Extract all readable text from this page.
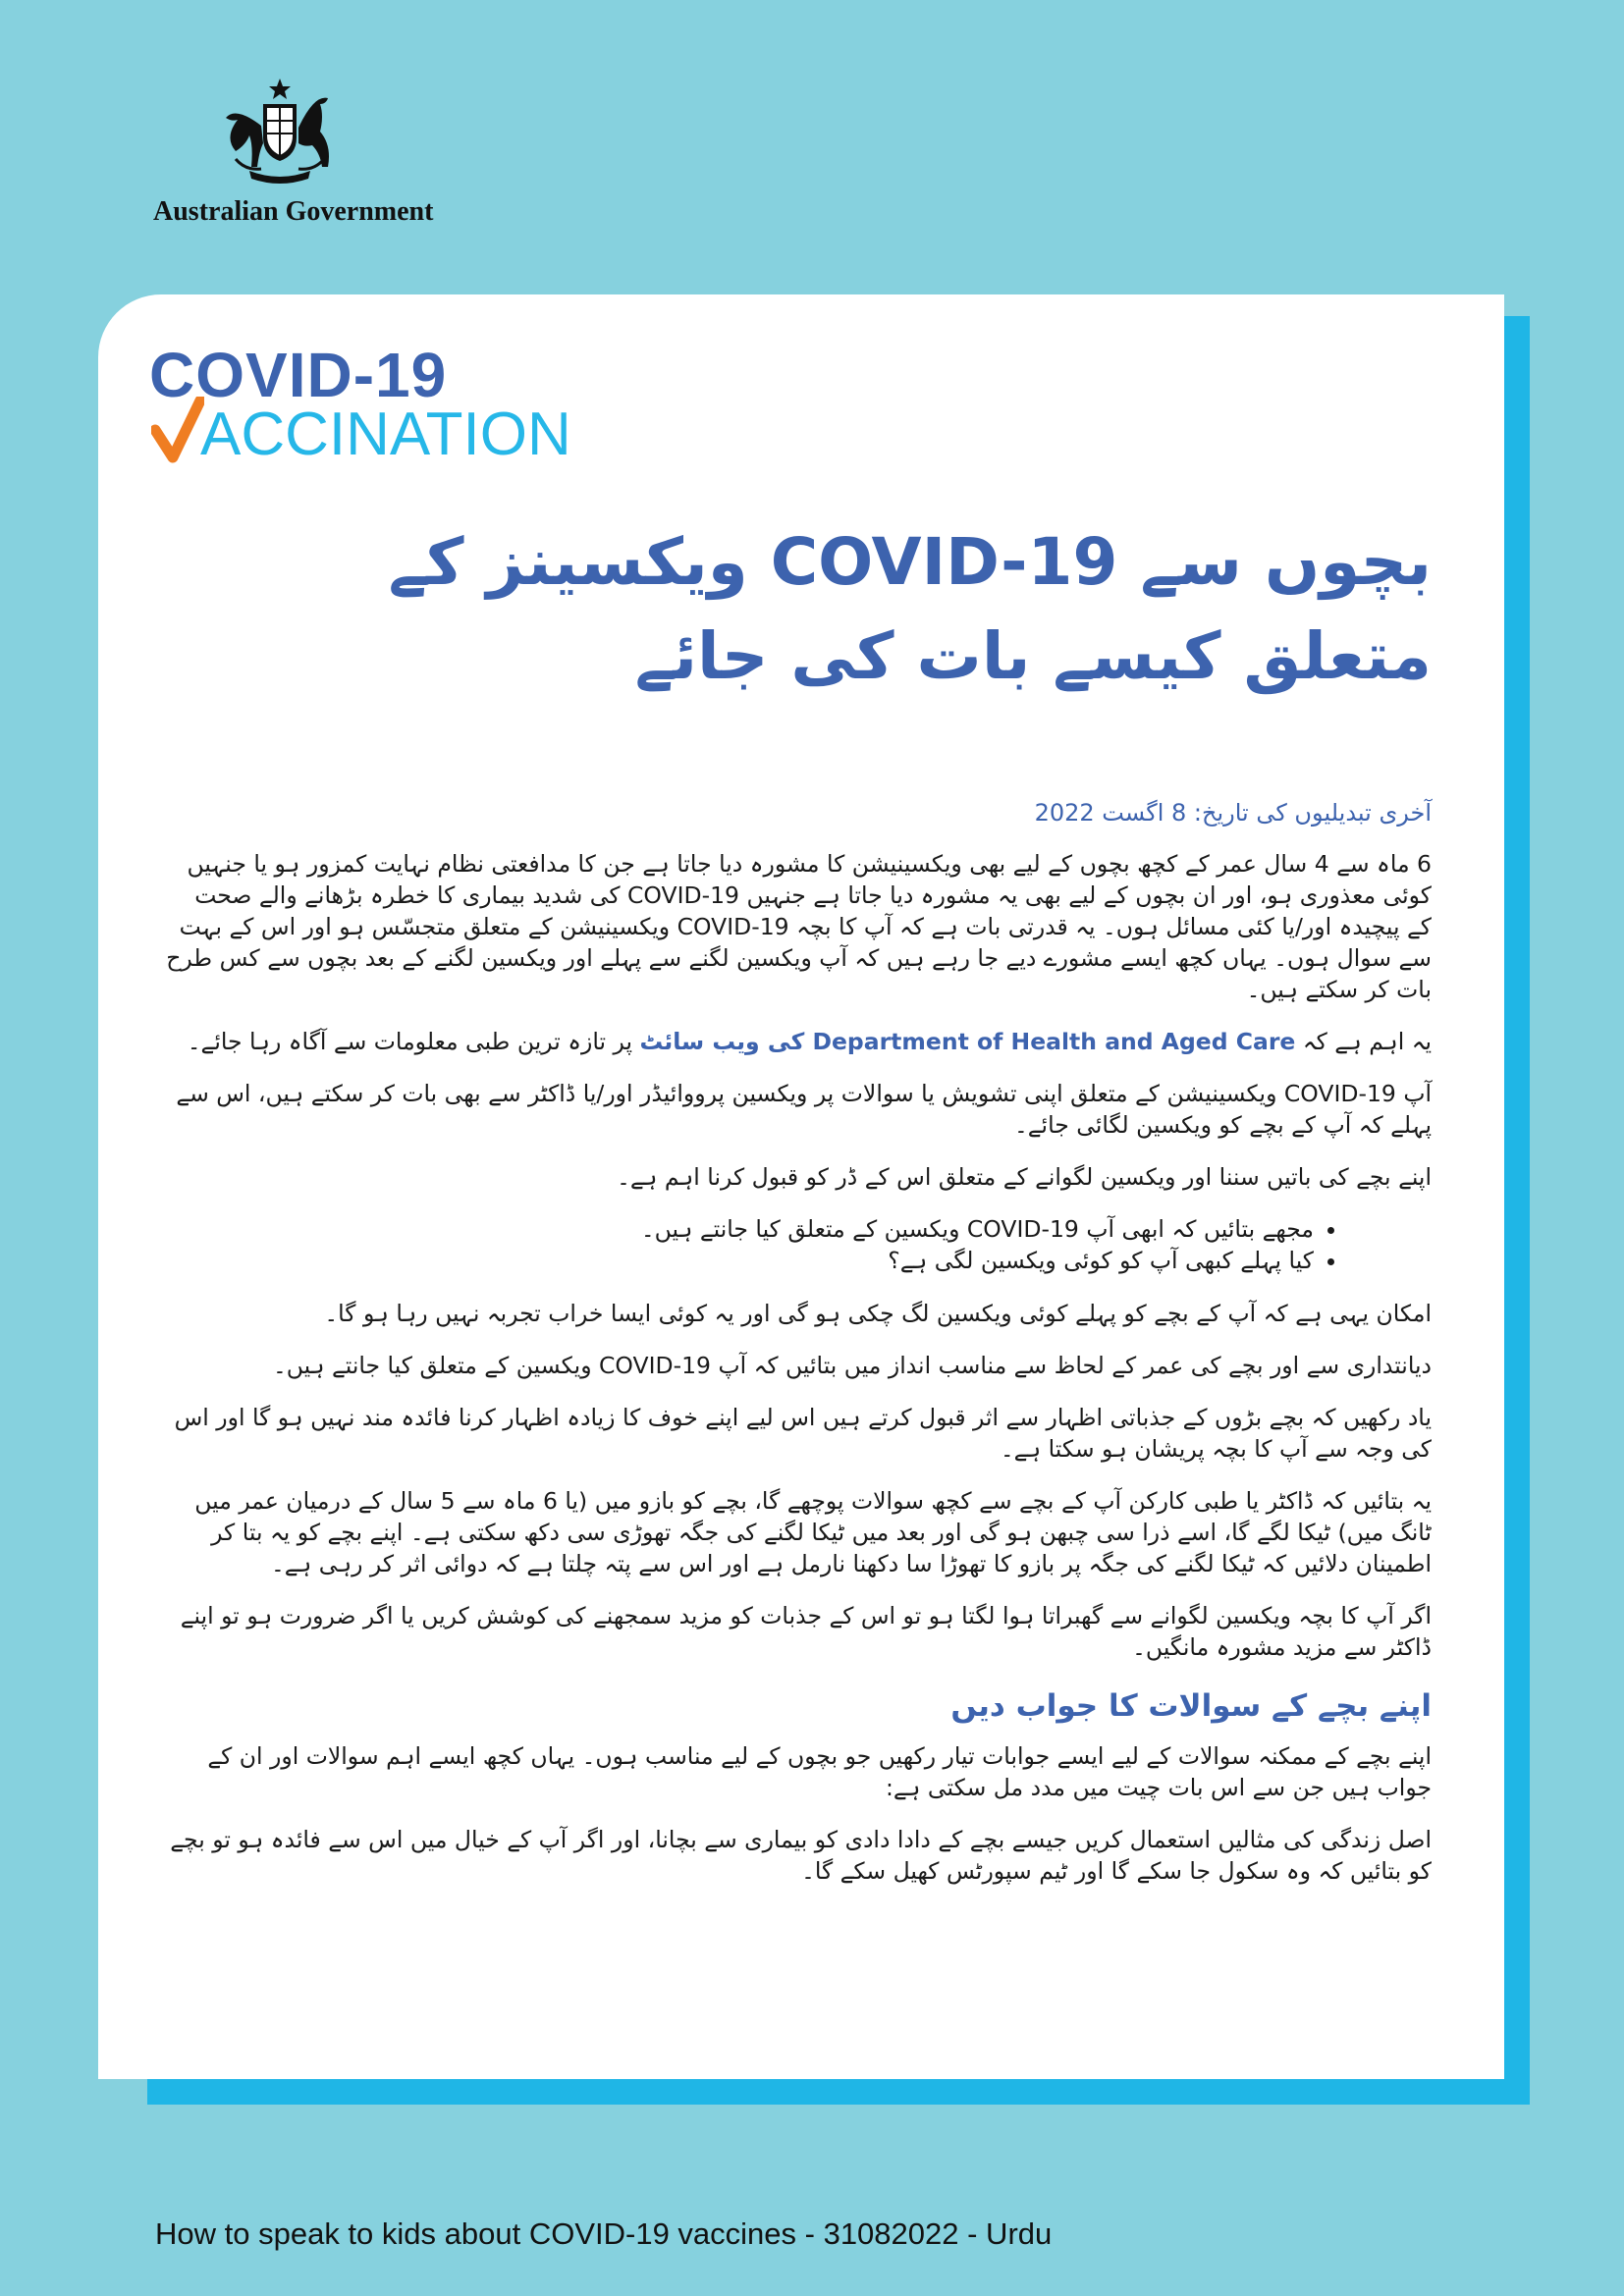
Australian Government
COVID-19
ACCINATION
بچوں سے COVID-19 ویکسینز کے
متعلق کیسے بات کی جائے

آخری تبدیلیوں کی تاریخ: 8 اگست 2022

6 ماہ سے 4 سال عمر کے کچھ بچوں کے لیے بھی ویکسینیشن کا مشورہ دیا جاتا ہے جن کا مدافعتی نظام نہایت کمزور ہو یا جنہیں کوئی معذوری ہو، اور ان بچوں کے لیے بھی یہ مشورہ دیا جاتا ہے جنہیں COVID-19 کی شدید بیماری کا خطرہ بڑھانے والے صحت کے پیچیدہ اور/یا کئی مسائل ہوں۔ یہ قدرتی بات ہے کہ آپ کا بچہ COVID-19 ویکسینیشن کے متعلق متجسّس ہو اور اس کے بہت سے سوال ہوں۔ یہاں کچھ ایسے مشورے دیے جا رہے ہیں کہ آپ ویکسین لگنے سے پہلے اور ویکسین لگنے کے بعد بچوں سے کس طرح بات کر سکتے ہیں۔

یہ اہم ہے کہ Department of Health and Aged Care کی ویب سائٹ پر تازہ ترین طبی معلومات سے آگاہ رہا جائے۔

آپ COVID-19 ویکسینیشن کے متعلق اپنی تشویش یا سوالات پر ویکسین پرووائیڈر اور/یا ڈاکٹر سے بھی بات کر سکتے ہیں، اس سے پہلے کہ آپ کے بچے کو ویکسین لگائی جائے۔

اپنے بچے کی باتیں سننا اور ویکسین لگوانے کے متعلق اس کے ڈر کو قبول کرنا اہم ہے۔

• مجھے بتائیں کہ ابھی آپ COVID-19 ویکسین کے متعلق کیا جانتے ہیں۔
• کیا پہلے کبھی آپ کو کوئی ویکسین لگی ہے؟

امکان یہی ہے کہ آپ کے بچے کو پہلے کوئی ویکسین لگ چکی ہو گی اور یہ کوئی ایسا خراب تجربہ نہیں رہا ہو گا۔

دیانتداری سے اور بچے کی عمر کے لحاظ سے مناسب انداز میں بتائیں کہ آپ COVID-19 ویکسین کے متعلق کیا جانتے ہیں۔

یاد رکھیں کہ بچے بڑوں کے جذباتی اظہار سے اثر قبول کرتے ہیں اس لیے اپنے خوف کا زیادہ اظہار کرنا فائدہ مند نہیں ہو گا اور اس کی وجہ سے آپ کا بچہ پریشان ہو سکتا ہے۔

یہ بتائیں کہ ڈاکٹر یا طبی کارکن آپ کے بچے سے کچھ سوالات پوچھے گا، بچے کو بازو میں (یا 6 ماہ سے 5 سال کے درمیان عمر میں ٹانگ میں) ٹیکا لگے گا، اسے ذرا سی چبھن ہو گی اور بعد میں ٹیکا لگنے کی جگہ تھوڑی سی دکھ سکتی ہے۔ اپنے بچے کو یہ بتا کر اطمینان دلائیں کہ ٹیکا لگنے کی جگہ پر بازو کا تھوڑا سا دکھنا نارمل ہے اور اس سے پتہ چلتا ہے کہ دوائی اثر کر رہی ہے۔

اگر آپ کا بچہ ویکسین لگوانے سے گھبراتا ہوا لگتا ہو تو اس کے جذبات کو مزید سمجھنے کی کوشش کریں یا اگر ضرورت ہو تو اپنے ڈاکٹر سے مزید مشورہ مانگیں۔

اپنے بچے کے سوالات کا جواب دیں

اپنے بچے کے ممکنہ سوالات کے لیے ایسے جوابات تیار رکھیں جو بچوں کے لیے مناسب ہوں۔ یہاں کچھ ایسے اہم سوالات اور ان کے جواب ہیں جن سے اس بات چیت میں مدد مل سکتی ہے:

اصل زندگی کی مثالیں استعمال کریں جیسے بچے کے دادا دادی کو بیماری سے بچانا، اور اگر آپ کے خیال میں اس سے فائدہ ہو تو بچے کو بتائیں کہ وہ سکول جا سکے گا اور ٹیم سپورٹس کھیل سکے گا۔

How to speak to kids about COVID-19 vaccines - 31082022 - Urdu
